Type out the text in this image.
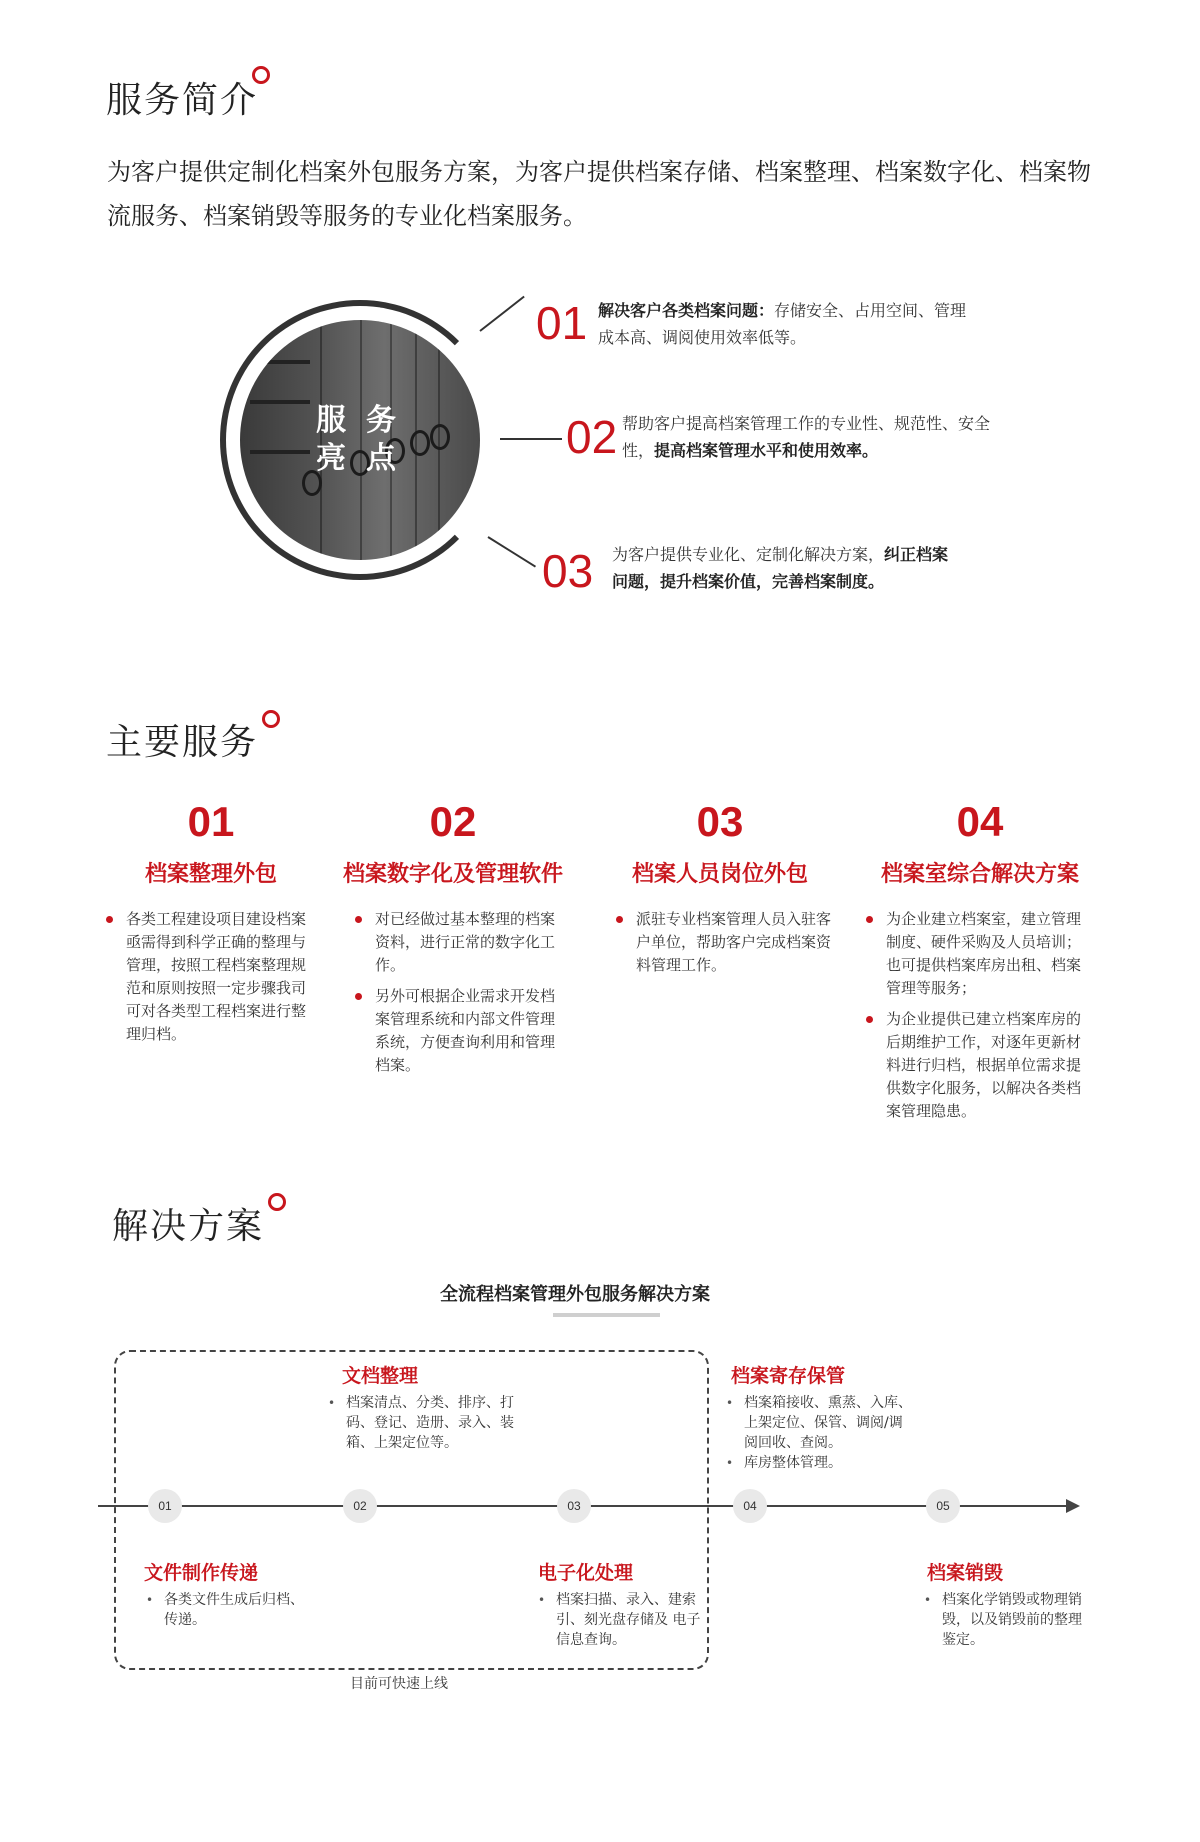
服务简介
为客户提供定制化档案外包服务方案，为客户提供档案存储、档案整理、档案数字化、档案物流服务、档案销毁等服务的专业化档案服务。
服务
亮点
01 解决客户各类档案问题：存储安全、占用空间、管理成本高、调阅使用效率低等。
02 帮助客户提高档案管理工作的专业性、规范性、安全性，提高档案管理水平和使用效率。
03 为客户提供专业化、定制化解决方案，纠正档案问题，提升档案价值，完善档案制度。
主要服务
01
档案整理外包
各类工程建设项目建设档案亟需得到科学正确的整理与管理，按照工程档案整理规范和原则按照一定步骤我司可对各类型工程档案进行整理归档。
02
档案数字化及管理软件
对已经做过基本整理的档案资料，进行正常的数字化工作。
另外可根据企业需求开发档案管理系统和内部文件管理系统，方便查询利用和管理档案。
03
档案人员岗位外包
派驻专业档案管理人员入驻客户单位，帮助客户完成档案资料管理工作。
04
档案室综合解决方案
为企业建立档案室，建立管理制度、硬件采购及人员培训；也可提供档案库房出租、档案管理等服务；
为企业提供已建立档案库房的后期维护工作，对逐年更新材料进行归档，根据单位需求提供数字化服务，以解决各类档案管理隐患。
解决方案
全流程档案管理外包服务解决方案
01	02	03	04	05
文档整理
• 档案清点、分类、排序、打码、登记、造册、录入、装箱、上架定位等。
档案寄存保管
• 档案箱接收、熏蒸、入库、上架定位、保管、调阅/调阅回收、查阅。
• 库房整体管理。
文件制作传递
• 各类文件生成后归档、传递。
电子化处理
• 档案扫描、录入、建索引、刻光盘存储及 电子信息查询。
档案销毁
• 档案化学销毁或物理销毁，以及销毁前的整理鉴定。
目前可快速上线
